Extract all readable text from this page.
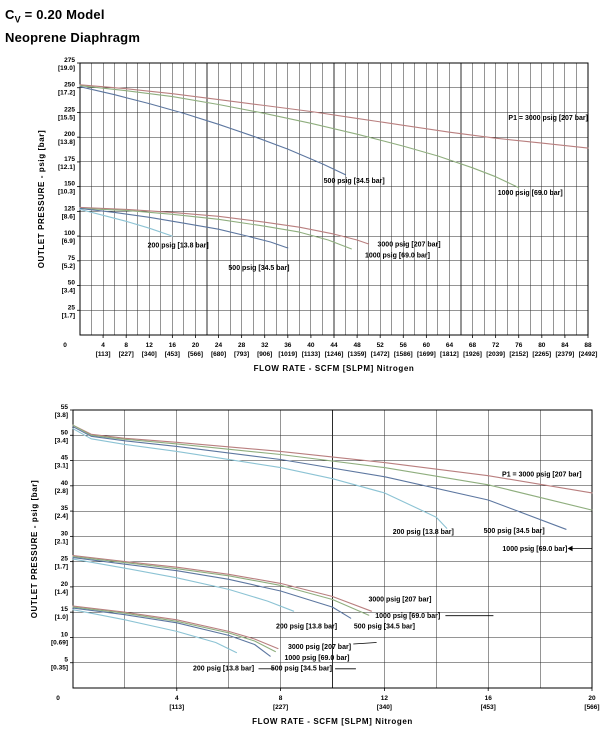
$C_V = 0.20$ Model
Neoprene Diaphragm
0	4
[113]
8
[227]
12
[340]
16
[453]
20
[566]
24
[680]
28
[793]
32
[906]
36
[1019]
40
[1133]
44
[1246]
48
[1359]
52
[1472]
56
[1586]
60
[1699]
64
[1812]
68
[1926]
72
[2039]
76
[2152]
80
[2265]
84
[2379]
88
[2492]
275
[19.0]
250
[17.2]
225
[15.5]
200
[13.8]
175
[12.1]
150
[10.3]
125
[8.6]
100
[6.9]
75
[5.2]
50
[3.4]
25
[1.7]
FLOW RATE - SCFM [SLPM] Nitrogen
OUTLET PRESSURE - psig [bar]
P1 = 3000 psig [207 bar]
500 psig [34.5 bar]
1000 psig [69.0 bar]
200 psig [13.8 bar]	3000 psig [207 bar]
1000 psig [69.0 bar]
500 psig [34.5 bar]
0	4
[113]
8
[227]
12
[340]
16
[453]
20
[566]
55
[3.8]
50
[3.4]
45
[3.1]
40
[2.8]
35
[2.4]
30
[2.1]
25
[1.7]
20
[1.4]
15
[1.0]
10
[0.69]
5
[0.35]
FLOW RATE - SCFM [SLPM] Nitrogen
OUTLET PRESSURE - psig [bar]
P1 = 3000 psig [207 bar]
200 psig [13.8 bar]	500 psig [34.5 bar]
1000 psig [69.0 bar]
3000 psig [207 bar]
1000 psig [69.0 bar]
500 psig [34.5 bar]
200 psig [13.8 bar]
3000 psig [207 bar]
1000 psig [69.0 bar]
500 psig [34.5 bar]
200 psig [13.8 bar]
